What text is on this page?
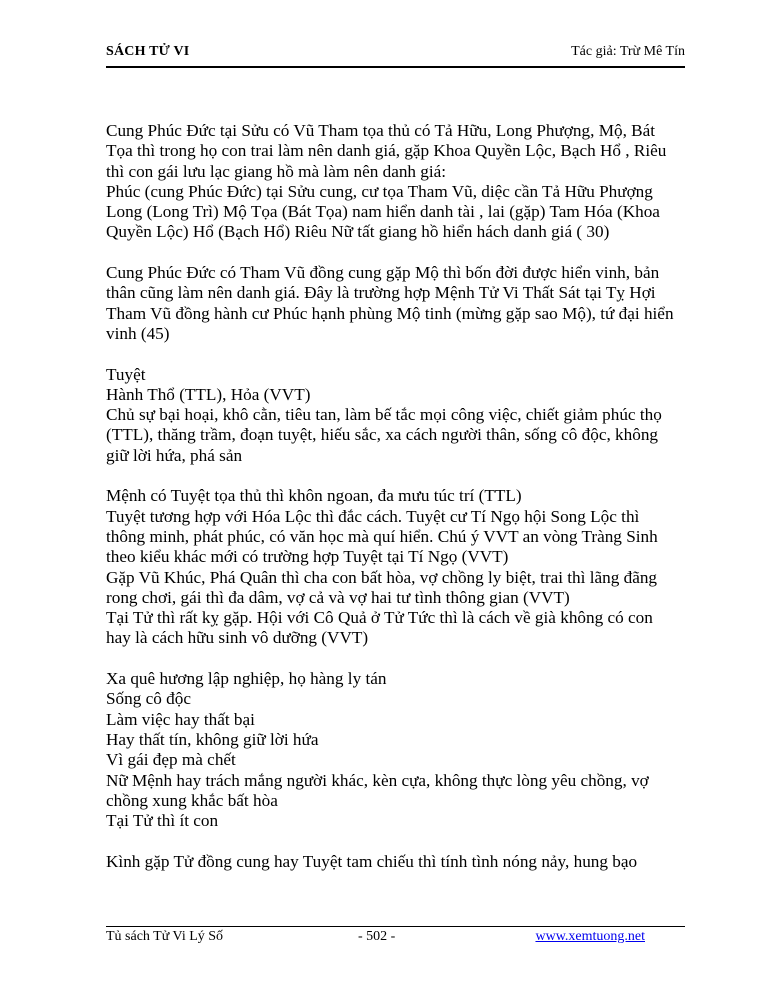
SÁCH TỬ VI	Tác giả: Trừ Mê Tín

Cung Phúc Đức tại Sửu có Vũ Tham tọa thủ có Tả Hữu, Long Phượng, Mộ, Bát Tọa thì trong họ con trai làm nên danh giá, gặp Khoa Quyền Lộc, Bạch Hổ , Riêu thì con gái lưu lạc giang hồ mà làm nên danh giá:

Phúc (cung Phúc Đức) tại Sửu cung, cư tọa Tham Vũ, diệc cần Tả Hữu Phượng Long (Long Trì) Mộ Tọa (Bát Tọa) nam hiển danh tài , lai (gặp) Tam Hóa (Khoa Quyền Lộc) Hổ (Bạch Hổ) Riêu Nữ tất giang hồ hiển hách danh giá ( 30)

Cung Phúc Đức có Tham Vũ đồng cung gặp Mộ thì bốn đời được hiển vinh, bản thân cũng làm nên danh giá. Đây là trường hợp Mệnh Tử Vi Thất Sát tại Tỵ Hợi Tham Vũ đồng hành cư Phúc hạnh phùng Mộ tinh (mừng gặp sao Mộ), tứ đại hiển vinh (45)

Tuyệt

Hành Thổ (TTL), Hỏa (VVT)

Chủ sự bại hoại, khô cằn, tiêu tan, làm bế tắc mọi công việc, chiết giảm phúc thọ (TTL), thăng trầm, đoạn tuyệt, hiếu sắc, xa cách người thân, sống cô độc, không giữ lời hứa, phá sản

Mệnh có Tuyệt tọa thủ thì khôn ngoan, đa mưu túc trí (TTL)

Tuyệt tương hợp với Hóa Lộc thì đắc cách. Tuyệt cư Tí Ngọ hội Song Lộc thì thông minh, phát phúc, có văn học mà quí hiển. Chú ý VVT an vòng Tràng Sinh theo kiểu khác mới có trường hợp Tuyệt tại Tí Ngọ (VVT)

Gặp Vũ Khúc, Phá Quân thì cha con bất hòa, vợ chồng ly biệt, trai thì lãng đãng rong chơi, gái thì đa dâm, vợ cả và vợ hai tư tình thông gian (VVT)

Tại Tử thì rất kỵ gặp. Hội với Cô Quả ở Tử Tức thì là cách về già không có con hay là cách hữu sinh vô dưỡng (VVT)

Xa quê hương lập nghiệp, họ hàng ly tán

Sống cô độc

Làm việc hay thất bại

Hay thất tín, không giữ lời hứa

Vì gái đẹp mà chết

Nữ Mệnh hay trách mắng người khác, kèn cựa, không thực lòng yêu chồng, vợ chồng xung khắc bất hòa

Tại Tử thì ít con

Kình gặp Tử đồng cung hay Tuyệt tam chiếu thì tính tình nóng nảy, hung bạo

Tủ sách Tử Vi Lý Số	- 502 -	www.xemtuong.net
